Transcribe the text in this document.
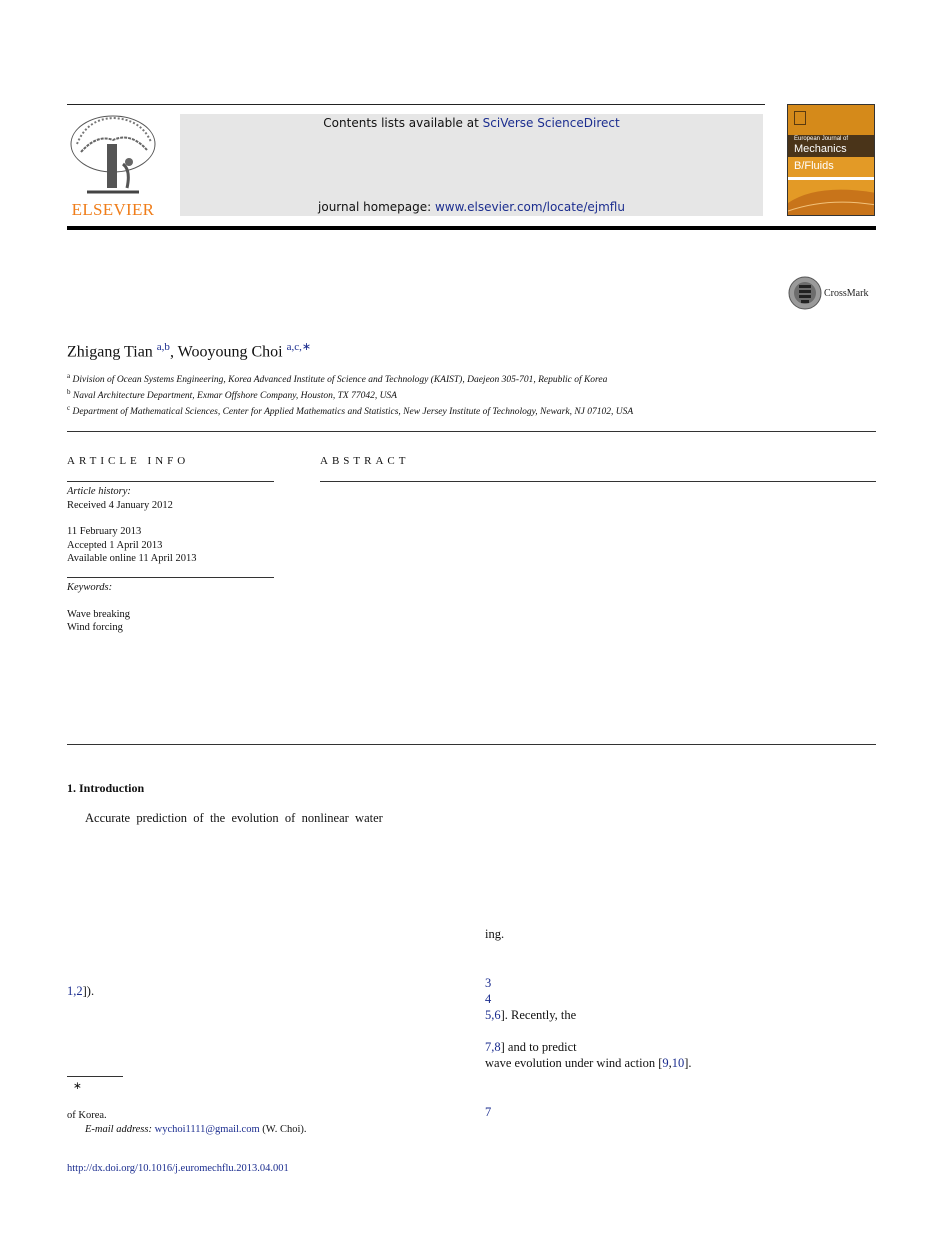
ELSEVIER
Contents lists available at SciVerse ScienceDirect
journal homepage: www.elsevier.com/locate/ejmflu
European Journal of
Mechanics
B/Fluids
CrossMark
Zhigang Tian $^{a,b}$, Wooyoung Choi $^{a,c,∗}$
$^a$ Division of Ocean Systems Engineering, Korea Advanced Institute of Science and Technology (KAIST), Daejeon 305-701, Republic of Korea
$^b$ Naval Architecture Department, Exmar Offshore Company, Houston, TX 77042, USA
$^c$ Department of Mathematical Sciences, Center for Applied Mathematics and Statistics, New Jersey Institute of Technology, Newark, NJ 07102, USA
ARTICLE INFO
Article history:
Received 4 January 2012
11 February 2013
Accepted 1 April 2013
Available online 11 April 2013
Keywords:
Wave breaking
Wind forcing
ABSTRACT
1. Introduction
Accurate  prediction  of  the  evolution  of  nonlinear  water
1,2]).
ing.
3
4
5,6]. Recently, the
7,8] and to predict
wave evolution under wind action [9,10].
7
∗
of Korea.
E-mail address: wychoi1111@gmail.com (W. Choi).
http://dx.doi.org/10.1016/j.euromechflu.2013.04.001
